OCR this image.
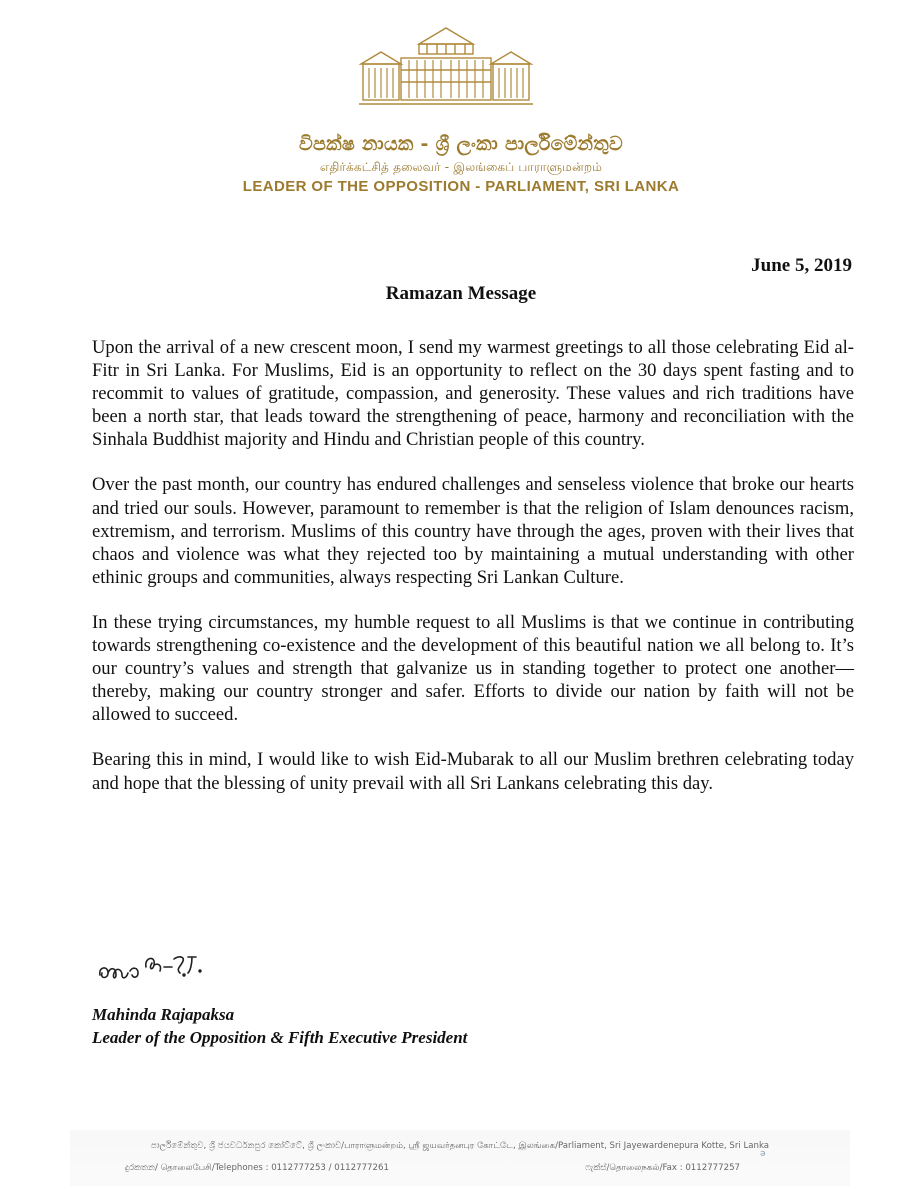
විපක්ෂ නායක - ශ්‍රී ලංකා පාර්ලිමේන්තුව
எதிர்க்கட்சித் தலைவர் - இலங்கைப் பாராளுமன்றம்
LEADER OF THE OPPOSITION - PARLIAMENT, SRI LANKA
June 5, 2019
Ramazan Message

Upon the arrival of a new crescent moon, I send my warmest greetings to all those celebrating Eid al-Fitr in Sri Lanka. For Muslims, Eid is an opportunity to reflect on the 30 days spent fasting and to recommit to values of gratitude, compassion, and generosity. These values and rich traditions have been a north star, that leads toward the strengthening of peace, harmony and reconciliation with the Sinhala Buddhist majority and Hindu and Christian people of this country.

Over the past month, our country has endured challenges and senseless violence that broke our hearts and tried our souls. However, paramount to remember is that the religion of Islam denounces racism, extremism, and terrorism. Muslims of this country have through the ages, proven with their lives that chaos and violence was what they rejected too by maintaining a mutual understanding with other ethinic groups and communities, always respecting Sri Lankan Culture.

In these trying circumstances, my humble request to all Muslims is that we continue in contributing towards strengthening co-existence and the development of this beautiful nation we all belong to. It’s our country’s values and strength that galvanize us in standing together to protect one another—thereby, making our country stronger and safer. Efforts to divide our nation by faith will not be allowed to succeed.

Bearing this in mind, I would like to wish Eid-Mubarak to all our Muslim brethren celebrating today and hope that the blessing of unity prevail with all Sri Lankans celebrating this day.

Mahinda Rajapaksa
Leader of the Opposition & Fifth Executive President
පාර්ලිමේන්තුව, ශ්‍රී ජයවර්ධනපුර කෝට්ටේ, ශ්‍රී ලංකාව/பாராளுமன்றம், ஸ்ரீ ஜயவர்தனபுர கோட்டே, இலங்கை/Parliament, Sri Jayewardenepura Kotte, Sri Lanka
දුරකතන/ தொலைபேசி/Telephones : 0112777253 / 0112777261	ෆැක්ස්/தொலைநகல்/Fax : 0112777257
ə
